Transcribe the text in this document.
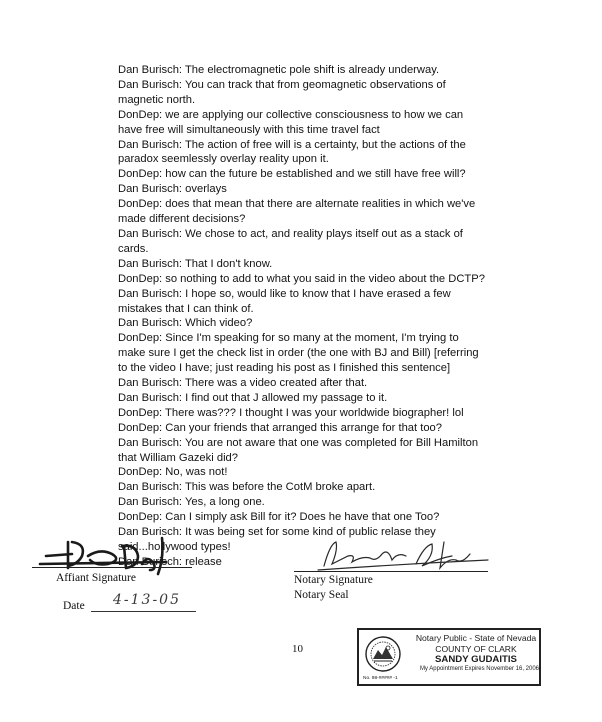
Dan Burisch: The electromagnetic pole shift is already underway.
Dan Burisch: You can track that from geomagnetic observations of
magnetic north.
DonDep: we are applying our collective consciousness to how we can
have free will simultaneously with this time travel fact
Dan Burisch: The action of free will is a certainty, but the actions of the
paradox seemlessly overlay reality upon it.
DonDep: how can the future be established and we still have free will?
Dan Burisch: overlays
DonDep: does that mean that there are alternate realities in which we've
made different decisions?
Dan Burisch: We chose to act, and reality plays itself out as a stack of
cards.
Dan Burisch: That I don't know.
DonDep: so nothing to add to what you said in the video about the DCTP?
Dan Burisch: I hope so, would like to know that I have erased a few
mistakes that I can think of.
Dan Burisch: Which video?
DonDep: Since I'm speaking for so many at the moment, I'm trying to
make sure I get the check list in order (the one with BJ and Bill) [referring
to the video I have; just reading his post as I finished this sentence]
Dan Burisch: There was a video created after that.
Dan Burisch: I find out that J allowed my passage to it.
DonDep: There was??? I thought I was your worldwide biographer! lol
DonDep: Can your friends that arranged this arrange for that too?
Dan Burisch: You are not aware that one was completed for Bill Hamilton
that William Gazeki did?
DonDep: No, was not!
Dan Burisch: This was before the CotM broke apart.
Dan Burisch: Yes, a long one.
DonDep: Can I simply ask Bill for it? Does he have that one Too?
Dan Burisch: It was being set for some kind of public relase they
said...hollywood types!
Dan Burisch: release
Affiant Signature
Date 4-13-05
Notary Signature
Notary Seal
10
Notary Public - State of Nevada
COUNTY OF CLARK
SANDY GUDAITIS
My Appointment Expires November 16, 2006
No. 98-##### -1
